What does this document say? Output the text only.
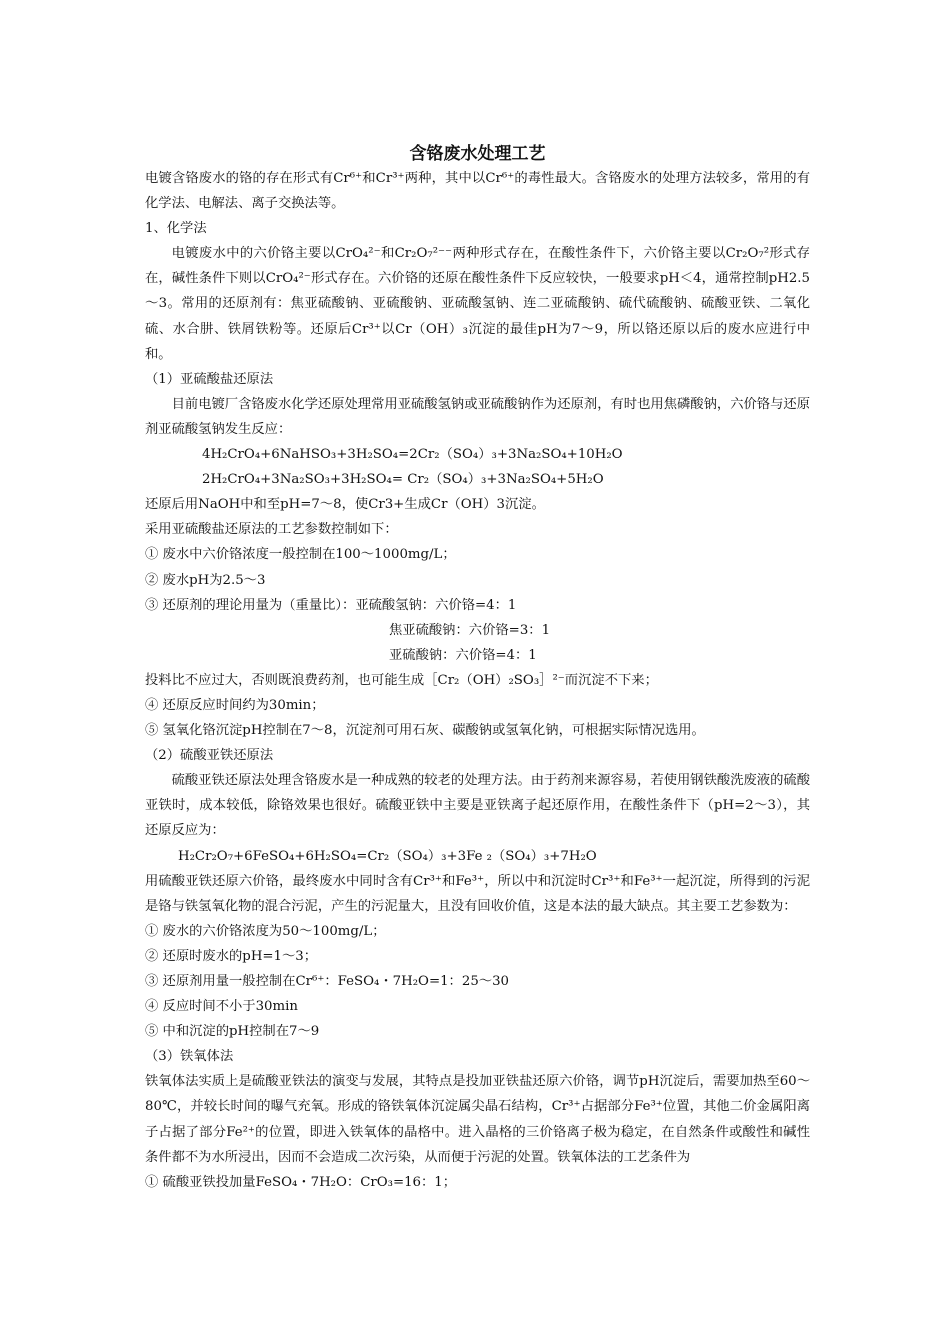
含铬废水处理工艺

电镀含铬废水的铬的存在形式有Cr⁶⁺和Cr³⁺两种，其中以Cr⁶⁺的毒性最大。含铬废水的处理方法较多，常用的有化学法、电解法、离子交换法等。

1、化学法

电镀废水中的六价铬主要以CrO₄²⁻和Cr₂O₇²⁻⁻两种形式存在，在酸性条件下，六价铬主要以Cr₂O₇²形式存在，碱性条件下则以CrO₄²⁻形式存在。六价铬的还原在酸性条件下反应较快，一般要求pH＜4，通常控制pH2.5～3。常用的还原剂有：焦亚硫酸钠、亚硫酸钠、亚硫酸氢钠、连二亚硫酸钠、硫代硫酸钠、硫酸亚铁、二氧化硫、水合肼、铁屑铁粉等。还原后Cr³⁺以Cr（OH）₃沉淀的最佳pH为7～9，所以铬还原以后的废水应进行中和。

（1）亚硫酸盐还原法

目前电镀厂含铬废水化学还原处理常用亚硫酸氢钠或亚硫酸钠作为还原剂，有时也用焦磷酸钠，六价铬与还原剂亚硫酸氢钠发生反应：

4H₂CrO₄+6NaHSO₃+3H₂SO₄=2Cr₂（SO₄）₃+3Na₂SO₄+10H₂O

2H₂CrO₄+3Na₂SO₃+3H₂SO₄= Cr₂（SO₄）₃+3Na₂SO₄+5H₂O

还原后用NaOH中和至pH=7～8，使Cr3+生成Cr（OH）3沉淀。

采用亚硫酸盐还原法的工艺参数控制如下：

① 废水中六价铬浓度一般控制在100～1000mg/L；

② 废水pH为2.5～3

③ 还原剂的理论用量为（重量比）：亚硫酸氢钠：六价铬=4：1

焦亚硫酸钠：六价铬=3：1

亚硫酸钠：六价铬=4：1

投料比不应过大，否则既浪费药剂，也可能生成［Cr₂（OH）₂SO₃］²⁻而沉淀不下来；

④ 还原反应时间约为30min；

⑤ 氢氧化铬沉淀pH控制在7～8，沉淀剂可用石灰、碳酸钠或氢氧化钠，可根据实际情况选用。

（2）硫酸亚铁还原法

硫酸亚铁还原法处理含铬废水是一种成熟的较老的处理方法。由于药剂来源容易，若使用钢铁酸洗废液的硫酸亚铁时，成本较低，除铬效果也很好。硫酸亚铁中主要是亚铁离子起还原作用，在酸性条件下（pH=2～3），其还原反应为：

H₂Cr₂O₇+6FeSO₄+6H₂SO₄=Cr₂（SO₄）₃+3Fe ₂（SO₄）₃+7H₂O

用硫酸亚铁还原六价铬，最终废水中同时含有Cr³⁺和Fe³⁺，所以中和沉淀时Cr³⁺和Fe³⁺一起沉淀，所得到的污泥是铬与铁氢氧化物的混合污泥，产生的污泥量大，且没有回收价值，这是本法的最大缺点。其主要工艺参数为：

① 废水的六价铬浓度为50～100mg/L；

② 还原时废水的pH=1～3；

③ 还原剂用量一般控制在Cr⁶⁺：FeSO₄・7H₂O=1：25～30

④ 反应时间不小于30min

⑤ 中和沉淀的pH控制在7～9

（3）铁氧体法

铁氧体法实质上是硫酸亚铁法的演变与发展，其特点是投加亚铁盐还原六价铬，调节pH沉淀后，需要加热至60～80℃，并较长时间的曝气充氧。形成的铬铁氧体沉淀属尖晶石结构，Cr³⁺占据部分Fe³⁺位置，其他二价金属阳离子占据了部分Fe²⁺的位置，即进入铁氧体的晶格中。进入晶格的三价铬离子极为稳定，在自然条件或酸性和碱性条件都不为水所浸出，因而不会造成二次污染，从而便于污泥的处置。铁氧体法的工艺条件为

① 硫酸亚铁投加量FeSO₄・7H₂O：CrO₃=16：1；
